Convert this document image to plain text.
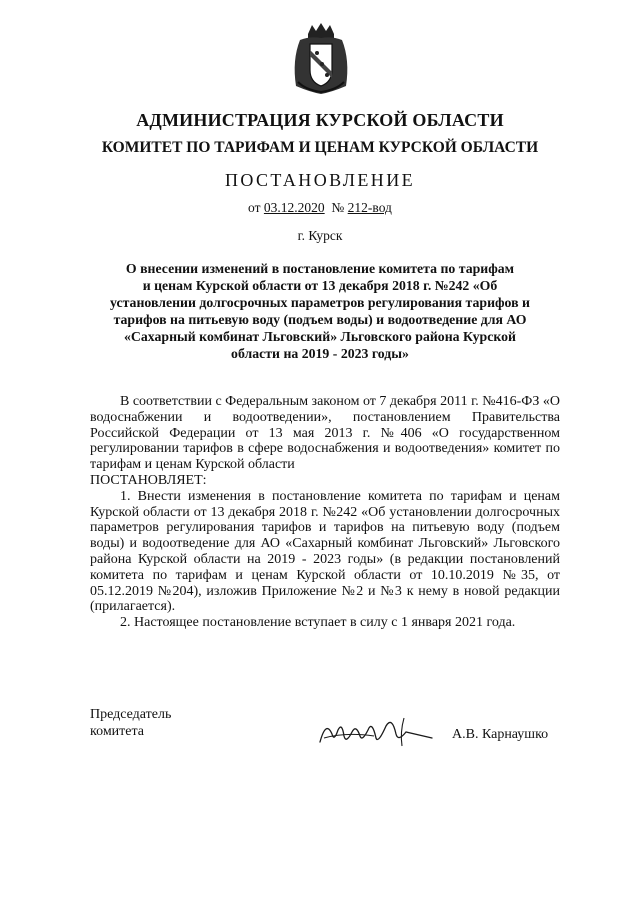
АДМИНИСТРАЦИЯ КУРСКОЙ ОБЛАСТИ
КОМИТЕТ ПО ТАРИФАМ И ЦЕНАМ КУРСКОЙ ОБЛАСТИ
ПОСТАНОВЛЕНИЕ
от 03.12.2020 № 212-вод
г. Курск
О внесении изменений в постановление комитета по тарифам
и ценам Курской области от 13 декабря 2018 г. №242 «Об
установлении долгосрочных параметров регулирования тарифов и
тарифов на питьевую воду (подъем воды) и водоотведение для АО
«Сахарный комбинат Льговский» Льговского района Курской
области на 2019 - 2023 годы»

В соответствии с Федеральным законом от 7 декабря 2011 г. №416-ФЗ «О водоснабжении и водоотведении», постановлением Правительства Российской Федерации от 13 мая 2013 г. №406 «О государственном регулировании тарифов в сфере водоснабжения и водоотведения» комитет по тарифам и ценам Курской области

ПОСТАНОВЛЯЕТ:

1. Внести изменения в постановление комитета по тарифам и ценам Курской области от 13 декабря 2018 г. №242 «Об установлении долгосрочных параметров регулирования тарифов и тарифов на питьевую воду (подъем воды) и водоотведение для АО «Сахарный комбинат Льговский» Льговского района Курской области на 2019 - 2023 годы» (в редакции постановлений комитета по тарифам и ценам Курской области от 10.10.2019 №35, от 05.12.2019 №204), изложив Приложение №2 и №3 к нему в новой редакции (прилагается).

2. Настоящее постановление вступает в силу с 1 января 2021 года.

Председатель
комитета	А.В. Карнаушко
